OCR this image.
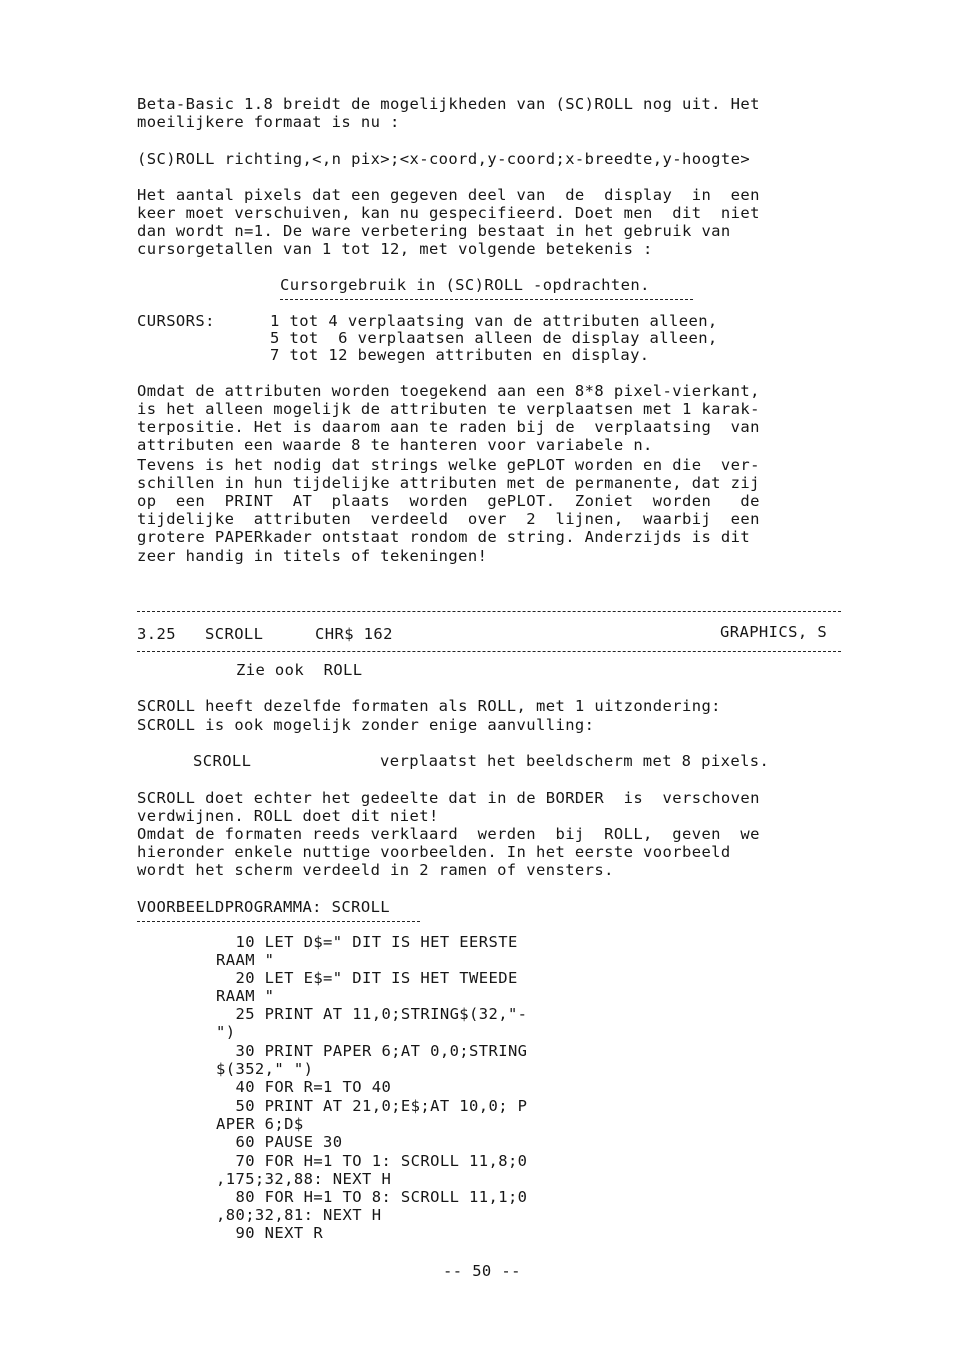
Beta-Basic 1.8 breidt de mogelijkheden van (SC)ROLL nog uit. Het
moeilijkere formaat is nu :
(SC)ROLL richting,<,n pix>;<x-coord,y-coord;x-breedte,y-hoogte>
Het aantal pixels dat een gegeven deel van  de  display  in  een
keer moet verschuiven, kan nu gespecifieerd. Doet men  dit  niet
dan wordt n=1. De ware verbetering bestaat in het gebruik van
cursorgetallen van 1 tot 12, met volgende betekenis :
Cursorgebruik in (SC)ROLL -opdrachten.
CURSORS:	1 tot 4 verplaatsing van de attributen alleen,
5 tot  6 verplaatsen alleen de display alleen,
7 tot 12 bewegen attributen en display.
Omdat de attributen worden toegekend aan een 8*8 pixel-vierkant,
is het alleen mogelijk de attributen te verplaatsen met 1 karak-
terpositie. Het is daarom aan te raden bij de  verplaatsing  van
attributen een waarde 8 te hanteren voor variabele n.
Tevens is het nodig dat strings welke gePLOT worden en die  ver-
schillen in hun tijdelijke attributen met de permanente, dat zij
op  een  PRINT  AT  plaats  worden  gePLOT.  Zoniet  worden   de
tijdelijke  attributen  verdeeld  over  2  lijnen,  waarbij  een
grotere PAPERkader ontstaat rondom de string. Anderzijds is dit
zeer handig in titels of tekeningen!
3.25 SCROLL	CHR$ 162	GRAPHICS, S
Zie ook  ROLL
SCROLL heeft dezelfde formaten als ROLL, met 1 uitzondering:
SCROLL is ook mogelijk zonder enige aanvulling:
SCROLL	verplaatst het beeldscherm met 8 pixels.
SCROLL doet echter het gedeelte dat in de BORDER  is  verschoven
verdwijnen. ROLL doet dit niet!
Omdat de formaten reeds verklaard  werden  bij  ROLL,  geven  we
hieronder enkele nuttige voorbeelden. In het eerste voorbeeld
wordt het scherm verdeeld in 2 ramen of vensters.
VOORBEELDPROGRAMMA: SCROLL
10 LET D$=" DIT IS HET EERSTE
RAAM "
20 LET E$=" DIT IS HET TWEEDE
RAAM "
25 PRINT AT 11,0;STRING$(32,"-
")
30 PRINT PAPER 6;AT 0,0;STRING
$(352," ")
40 FOR R=1 TO 40
50 PRINT AT 21,0;E$;AT 10,0; P
APER 6;D$
60 PAUSE 30
70 FOR H=1 TO 1: SCROLL 11,8;0
,175;32,88: NEXT H
80 FOR H=1 TO 8: SCROLL 11,1;0
,80;32,81: NEXT H
90 NEXT R
-- 50 --
